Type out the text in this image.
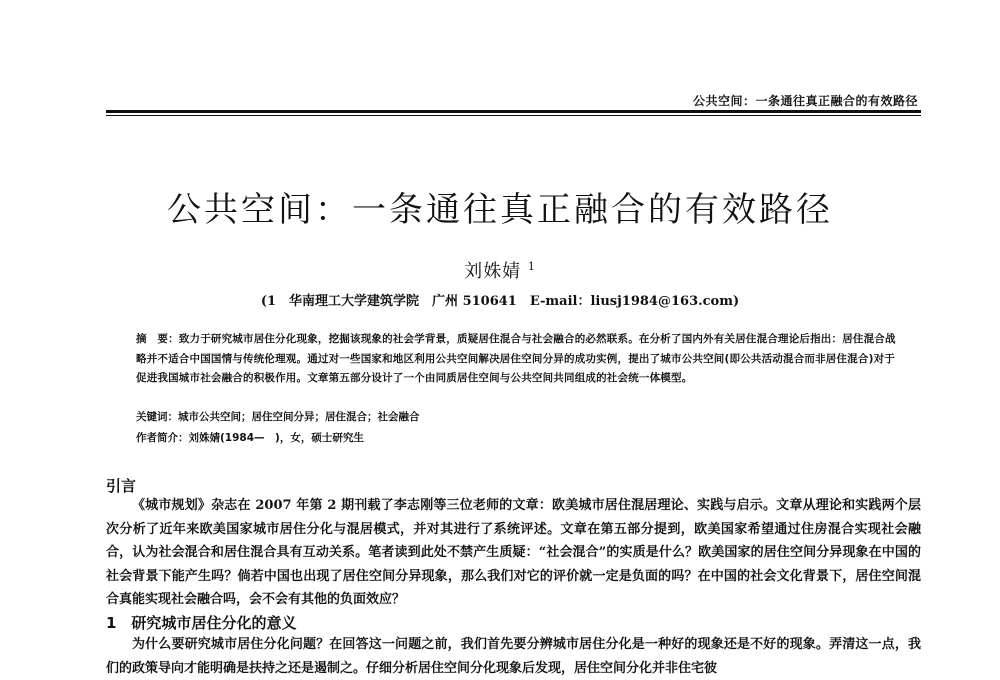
公共空间：一条通往真正融合的有效路径
公共空间：一条通往真正融合的有效路径
刘姝婧 $^1$
(1　华南理工大学建筑学院　广州 510641　E-mail：liusj1984@163.com)
摘　要：致力于研究城市居住分化现象，挖掘该现象的社会学背景，质疑居住混合与社会融合的必然联系。在分析了国内外有关居住混合理论后指出：居住混合战略并不适合中国国情与传统伦理观。通过对一些国家和地区利用公共空间解决居住空间分异的成功实例，提出了城市公共空间(即公共活动混合而非居住混合)对于促进我国城市社会融合的积极作用。文章第五部分设计了一个由同质居住空间与公共空间共同组成的社会统一体模型。
关键词：城市公共空间；居住空间分异；居住混合；社会融合
作者简介：刘姝婧(1984—　)，女，硕士研究生
引言
《城市规划》杂志在 2007 年第 2 期刊载了李志刚等三位老师的文章：欧美城市居住混居理论、实践与启示。文章从理论和实践两个层次分析了近年来欧美国家城市居住分化与混居模式，并对其进行了系统评述。文章在第五部分提到，欧美国家希望通过住房混合实现社会融合，认为社会混合和居住混合具有互动关系。笔者读到此处不禁产生质疑：“社会混合”的实质是什么？欧美国家的居住空间分异现象在中国的社会背景下能产生吗？倘若中国也出现了居住空间分异现象，那么我们对它的评价就一定是负面的吗？在中国的社会文化背景下，居住空间混合真能实现社会融合吗，会不会有其他的负面效应？
1　研究城市居住分化的意义
为什么要研究城市居住分化问题？在回答这一问题之前，我们首先要分辨城市居住分化是一种好的现象还是不好的现象。弄清这一点，我们的政策导向才能明确是扶持之还是遏制之。仔细分析居住空间分化现象后发现，居住空间分化并非住宅彼
